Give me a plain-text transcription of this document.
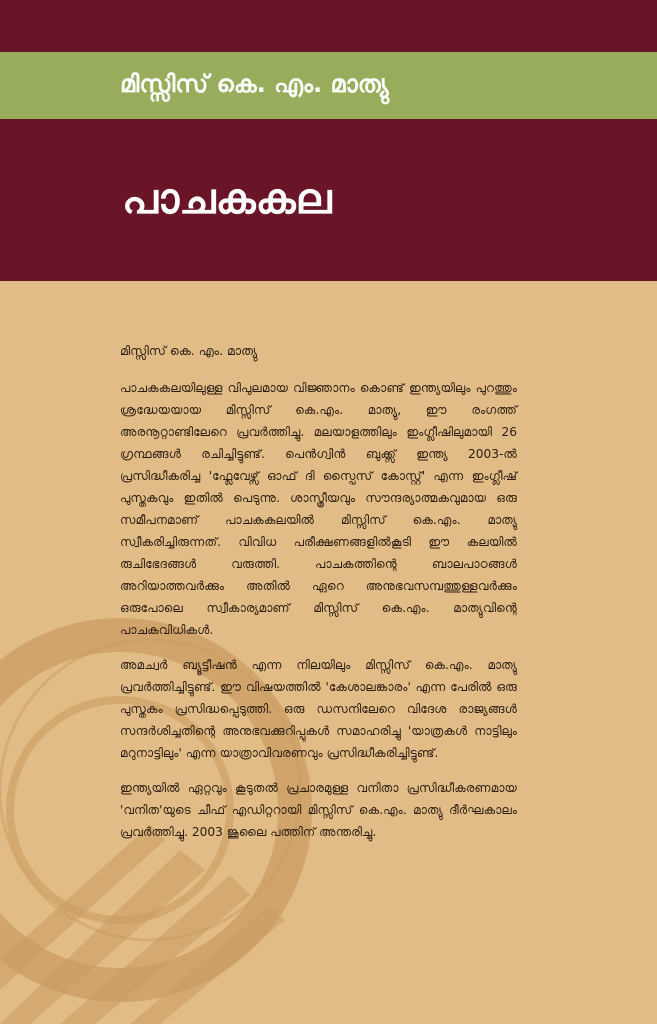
മിസ്സിസ് കെ. എം. മാത്യു
പാചകകല
മിസ്സിസ് കെ. എം. മാത്യു

പാചകകലയിലുള്ള വിപുലമായ വിജ്ഞാനം കൊണ്ട് ഇന്ത്യയിലും പുറത്തും ശ്രദ്ധേയയായ മിസ്സിസ് കെ.എം. മാത്യു, ഈ രംഗത്ത് അരനൂറ്റാണ്ടിലേറെ പ്രവർത്തിച്ചു. മലയാളത്തിലും ഇംഗ്ലീഷിലുമായി 26 ഗ്രന്ഥങ്ങൾ രചിച്ചിട്ടുണ്ട്. പെൻഗ്വിൻ ബുക്ക്സ് ഇന്ത്യ 2003-ൽ പ്രസിദ്ധീകരിച്ച 'ഫ്ലേവേഴ്സ് ഓഫ് ദി സ്പൈസ് കോസ്റ്റ്' എന്ന ഇംഗ്ലീഷ് പുസ്തകവും ഇതിൽ പെടുന്നു. ശാസ്ത്രീയവും സൗന്ദര്യാത്മകവുമായ ഒരു സമീപനമാണ് പാചകകലയിൽ മിസ്സിസ് കെ.എം. മാത്യു സ്വീകരിച്ചിരുന്നത്. വിവിധ പരീക്ഷണങ്ങളിൽകൂടി ഈ കലയിൽ രുചിഭേദങ്ങൾ വരുത്തി. പാചകത്തിന്റെ ബാലപാഠങ്ങൾ അറിയാത്തവർക്കും അതിൽ ഏറെ അനുഭവസമ്പത്തുള്ളവർക്കും ഒരുപോലെ സ്വീകാര്യമാണ് മിസ്സിസ് കെ.എം. മാത്യുവിന്റെ പാചകവിധികൾ.

അമച്വർ ബ്യൂട്ടീഷൻ എന്ന നിലയിലും മിസ്സിസ് കെ.എം. മാത്യു പ്രവർത്തിച്ചിട്ടുണ്ട്. ഈ വിഷയത്തിൽ 'കേശാലങ്കാരം' എന്ന പേരിൽ ഒരു പുസ്തകം പ്രസിദ്ധപ്പെടുത്തി. ഒരു ഡസനിലേറെ വിദേശ രാജ്യങ്ങൾ സന്ദർശിച്ചതിന്റെ അനുഭവക്കുറിപ്പുകൾ സമാഹരിച്ചു 'യാത്രകൾ നാട്ടിലും മറുനാട്ടിലും' എന്ന യാത്രാവിവരണവും പ്രസിദ്ധീകരിച്ചിട്ടുണ്ട്.

ഇന്ത്യയിൽ ഏറ്റവും കൂടുതൽ പ്രചാരമുള്ള വനിതാ പ്രസിദ്ധീകരണമായ 'വനിത'യുടെ ചീഫ് എഡിറ്ററായി മിസ്സിസ് കെ.എം. മാത്യു ദീർഘകാലം പ്രവർത്തിച്ചു. 2003 ജൂലൈ പത്തിന് അന്തരിച്ചു.
